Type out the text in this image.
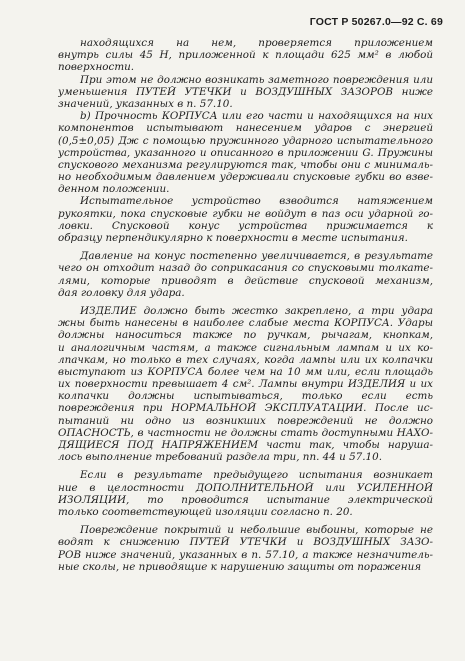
ГОСТ Р 50267.0—92 С. 69
находящихся на нем, проверяется приложением
внутрь силы 45 Н, приложенной к площади 625 мм² в любой
поверхности.
При этом не должно возникать заметного повреждения или
уменьшения ПУТЕЙ УТЕЧКИ и ВОЗДУШНЫХ ЗАЗОРОВ ниже
значений, указанных в п. 57.10.
b) Прочность КОРПУСА или его части и находящихся на них
компонентов испытывают нанесением ударов с энергией
(0,5±0,05) Дж с помощью пружинного ударного испытательного
устройства, указанного и описанного в приложении G. Пружины
спускового механизма регулируются так, чтобы они с минималь-
но необходимым давлением удерживали спусковые губки во взве-
денном положении.
Испытательное устройство взводится натяжением
рукоятки, пока спусковые губки не войдут в паз оси ударной го-
ловки. Спусковой конус устройства прижимается к
образцу перпендикулярно к поверхности в месте испытания.
Давление на конус постепенно увеличивается, в результате
чего он отходит назад до соприкасания со спусковыми толкате-
лями, которые приводят в действие спусковой механизм,
дая головку для удара.
ИЗДЕЛИЕ должно быть жестко закреплено, а три удара
жны быть нанесены в наиболее слабые места КОРПУСА. Удары
должны наноситься также по ручкам, рычагам, кнопкам,
и аналогичным частям, а также сигнальным лампам и их ко-
лпачкам, но только в тех случаях, когда лампы или их колпачки
выступают из КОРПУСА более чем на 10 мм или, если площадь
их поверхности превышает 4 см². Лампы внутри ИЗДЕЛИЯ и их
колпачки должны испытываться, только если есть
повреждения при НОРМАЛЬНОЙ ЭКСПЛУАТАЦИИ. После ис-
пытаний ни одно из возникших повреждений не должно
ОПАСНОСТЬ, в частности не должны стать доступными НАХО-
ДЯЩИЕСЯ ПОД НАПРЯЖЕНИЕМ части так, чтобы наруша-
лось выполнение требований раздела три, пп. 44 и 57.10.
Если в результате предыдущего испытания возникает
ние в целостности ДОПОЛНИТЕЛЬНОЙ или УСИЛЕННОЙ
ИЗОЛЯЦИИ, то проводится испытание электрической
только соответствующей изоляции согласно п. 20.
Повреждение покрытий и небольшие выбоины, которые не
водят к снижению ПУТЕЙ УТЕЧКИ и ВОЗДУШНЫХ ЗАЗО-
РОВ ниже значений, указанных в п. 57.10, а также незначитель-
ные сколы, не приводящие к нарушению защиты от поражения
